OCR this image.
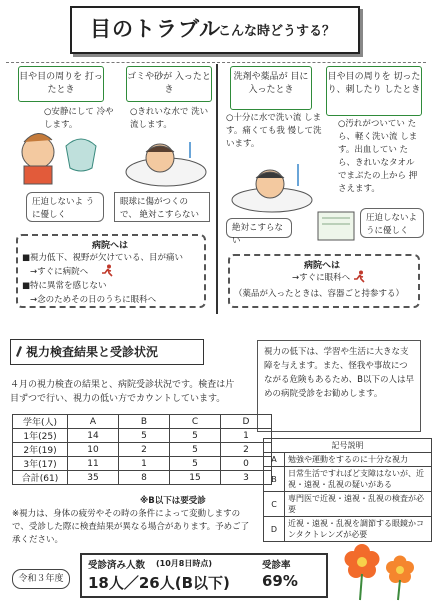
目のトラブル
こんな時どうする？
目や目の周りを 打ったとき
○安静にして 冷やします。
圧迫しないよ うに優しく
ゴミや砂が 入ったとき
○きれいな水で 洗い流します。
眼球に傷がつくので、 絶対こすらない
洗剤や薬品が 目に入ったとき
○十分に水で洗い流 します。痛くても我 慢して洗います。
絶対こすらない
目や目の周りを 切ったり、刺したり したとき
○汚れがついてい たら、軽く洗い流 します。出血してい たら、きれいなタオル でまぶたの上から 押さえます。
圧迫しないよ うに優しく
病院へは
■視力低下、視野が欠けている、目が痛い
→すぐに病院へ
■特に異常を感じない
→念のためその日のうちに眼科へ
病院へは
→すぐに眼科へ
（薬品が入ったときは、容器ごと持参する）
視力検査結果と受診状況
４月の視力検査の結果と、病院受診状況です。検査は片目ずつで行い、視力の低い方でカウントしています。
視力の低下は、学習や生活に大きな支障を与えます。また、怪我や事故につながる危険もあるため、B以下の人は早めの病院受診をお勧めします。
学年(人)	A	B	C	D
1年(25)	14	5	5	1
2年(19)	10	2	5	2
3年(17)	11	1	5	0
合計(61)	35	8	15	3
※B以下は要受診
※視力は、身体の疲労やその時の条件によって変動しますので、受診した際に検査結果が異なる場合があります。予めご了承ください。
記号説明	
A	勉強や運動をするのに十分な視力
B	日常生活ですればど支障はないが、近視・遠視・乱視の疑いがある
C	専門医で近視・遠視・乱視の検査が必要
D	近視・遠視・乱視を調節する眼鏡かコンタクトレンズが必要
令和３年度
受診済み人数 (10月8日時点)
18人／26人(B以下)
受診率
69%
